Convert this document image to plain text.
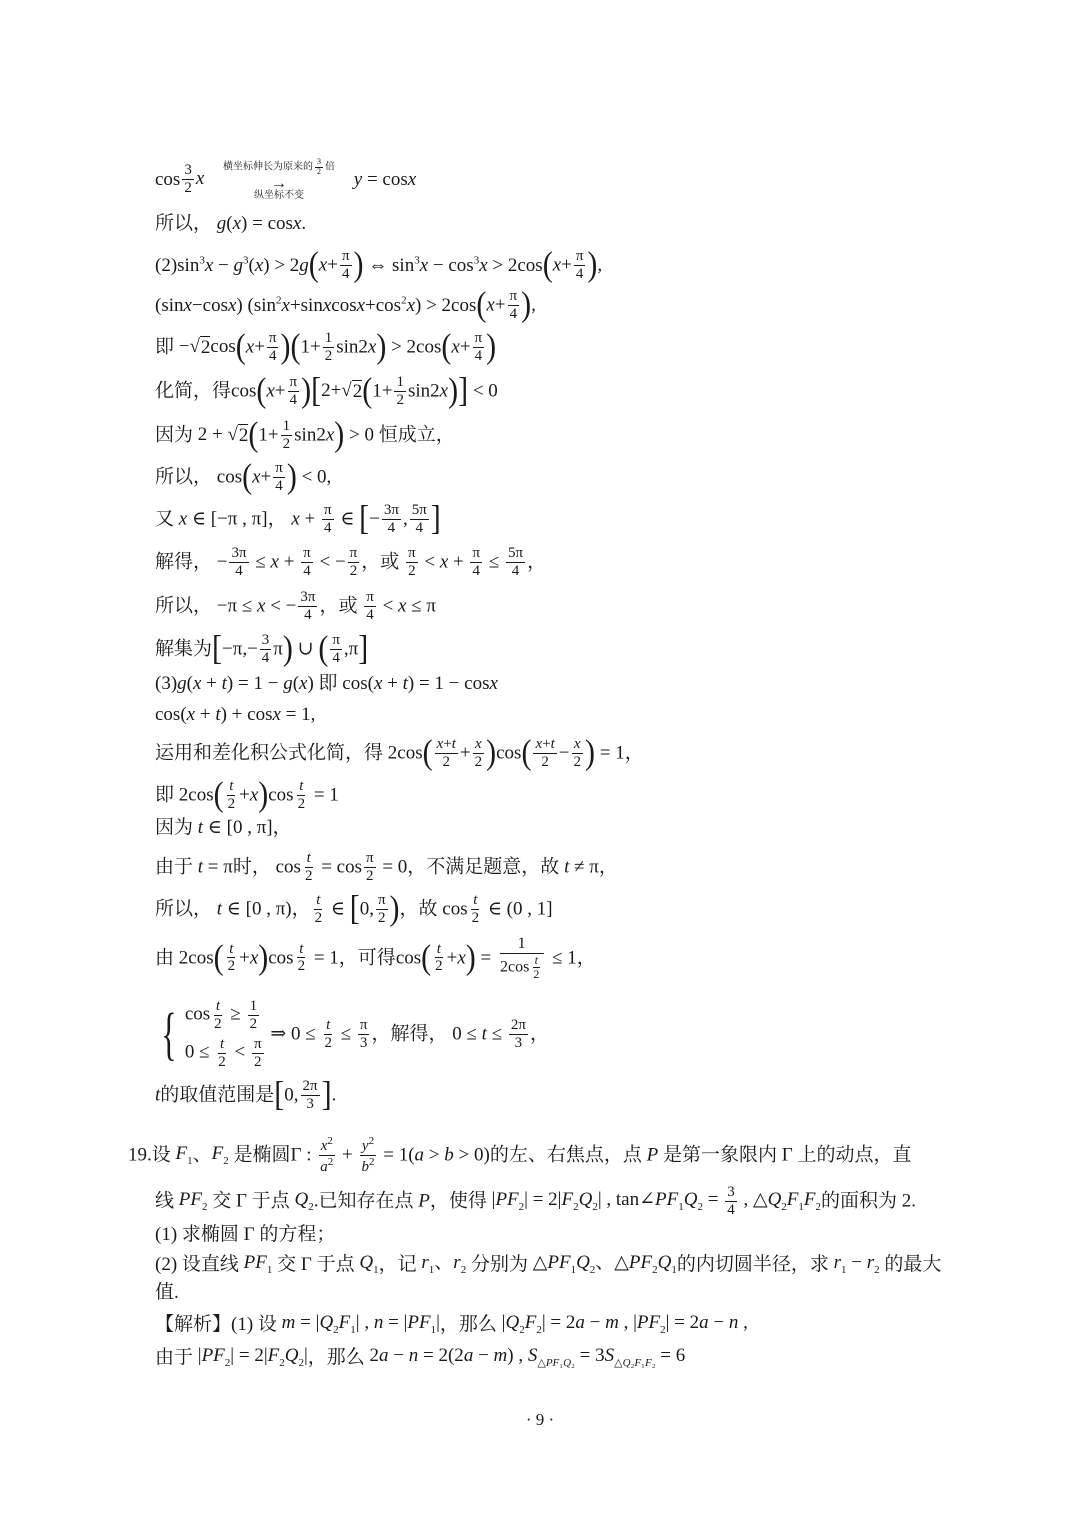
$\cos \frac{3}{2}$ x
横坐标伸长为原来的 $\frac{3}{2}$ 倍
→
纵坐标不变
y = cosx
所以， g(x) = cosx.
$(2)\sin^3x - g^3(x) > 2g(x+ \frac{\pi}{4}$ ) ⇔ $\sin^3x - \cos^3x > 2\cos(x+ \frac{\pi}{4}$ ),
(sinx−cosx) $(\sin^2x+sinxcosx+\cos^2x) > 2\cos(x+ \frac{\pi}{4}$ ),
即 $-√2\cos(x+ \frac{\pi}{4} )(1+ \frac{1}{2} \sin 2x) > 2\cos(x+ \frac{\pi}{4}$ )
化简，得$\cos(x+ \frac{\pi}{4} )[2+√2(1+ \frac{1}{2} \sin 2x)] < 0$
因为 $2 + √2(1+ \frac{1}{2} \sin 2x) > 0$ 恒成立，
所以， $\cos(x+ \frac{\pi}{4}$ ) < 0,
又 x ∈ [−π , π]， $x + \frac{\pi}{4}$ ∈ [− $\frac{3\pi}{4}$ , $\frac{5\pi}{4}$ ]
解得， − $\frac{3\pi}{4} \le x + \frac{\pi}{4}$ < − $\frac{\pi}{2}$ ，或 $\frac{\pi}{2} < x + \frac{\pi}{4} \le \frac{5\pi}{4}$ ，
所以， −π ≤ x < − $\frac{3\pi}{4}$ ，或 $\frac{\pi}{4} < x \le \pi$
解集为$[-\pi,- \frac{3}{4} \pi)$ ∪ ( $\frac{\pi}{4} ,\pi$]
(3)g(x + t) = 1 − g(x) 即 cos(x + t) = 1 − cosx
cos(x + t) + cosx = 1,
运用和差化积公式化简，得 $2\cos( \frac{x+t}{2} + \frac{x}{2} )\cos( \frac{x+t}{2} - \frac{x}{2}$ ) = 1，
即 $2\cos( \frac{t}{2} +x)\cos \frac{t}{2} = 1$
因为 t ∈ [0 , π]，
由于 t = π时， $\cos \frac{t}{2} = \cos \frac{\pi}{2} = 0$，不满足题意，故 t ≠ π，
所以， t ∈ [0 , π)， $\frac{t}{2}$ ∈ [0, $\frac{\pi}{2}$ )，故 $\cos \frac{t}{2}$ ∈ (0 , 1]
由 $2\cos( \frac{t}{2} +x)\cos \frac{t}{2} = 1$，可得$\cos( \frac{t}{2} +x) = \frac{1}{2\cos \frac{t}{2}} \le 1$，
{ $\cos \frac{t}{2} \ge \frac{1}{2}$
$0 \le \frac{t}{2} < \frac{\pi}{2}$
⇒ $0 \le \frac{t}{2} \le \frac{\pi}{3}$ ，解得， $0 \le t \le \frac{2\pi}{3}$ ，
t的取值范围是[0, $\frac{2\pi}{3}$ ].
19.设 $F_1$、$F_2$ 是椭圆Γ : $\frac{x^2}{a^2} + \frac{y^2}{b^2} = 1(a > b > 0)$的左、右焦点，点 P 是第一象限内 Γ 上的动点，直
线 $PF_2$ 交 Γ 于点 $Q_2$.已知存在点 P，使得 $|PF_2| = 2|F_2Q_2|$ , $\tan\angle PF_1Q_2 = \frac{3}{4}$ , $\triangle Q_2F_1F_2$的面积为 2.
(1) 求椭圆 Γ 的方程；
(2) 设直线 $PF_1$ 交 Γ 于点 $Q_1$，记 $r_1$、$r_2$ 分别为 $\triangle PF_1Q_2$、$\triangle PF_2Q_1$的内切圆半径，求 $r_1 - r_2$ 的最大
值.
【解析】(1) 设 $m = |Q_2F_1|$ , $n = |PF_1|$，那么 $|Q_2F_2| = 2a - m$ , $|PF_2| = 2a - n$ ,
由于 $|PF_2| = 2|F_2Q_2|$，那么 2a − n = 2(2a − m) , $S_{\triangle PF_1Q_2} = 3S_{\triangle Q_2F_1F_2} = 6$
· 9 ·
